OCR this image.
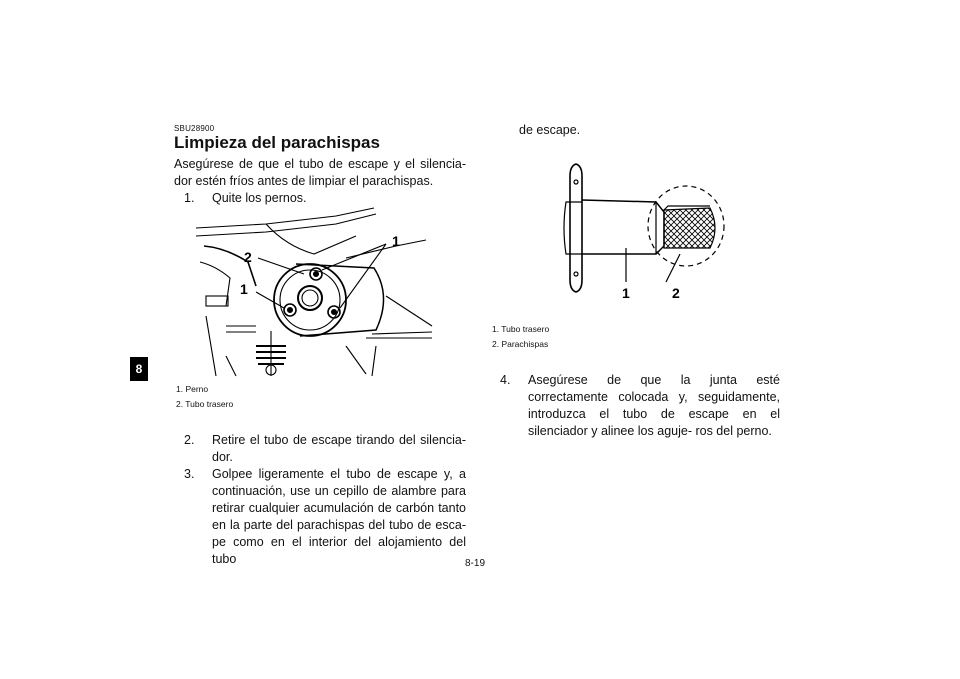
8
SBU28900
Limpieza del parachispas
Asegúrese de que el tubo de escape y el silencia- dor estén fríos antes de limpiar el parachispas.
1. Quite los pernos.
2
1
1
1. Perno
2. Tubo trasero
2. Retire el tubo de escape tirando del silencia- dor.
3. Golpee ligeramente el tubo de escape y, a continuación, use un cepillo de alambre para retirar cualquier acumulación de carbón tanto en la parte del parachispas del tubo de esca- pe como en el interior del alojamiento del tubo
de escape.
1	2
1. Tubo trasero
2. Parachispas
4. Asegúrese de que la junta esté correctamente colocada y, seguidamente, introduzca el tubo de escape en el silenciador y alinee los aguje- ros del perno.
8-19
